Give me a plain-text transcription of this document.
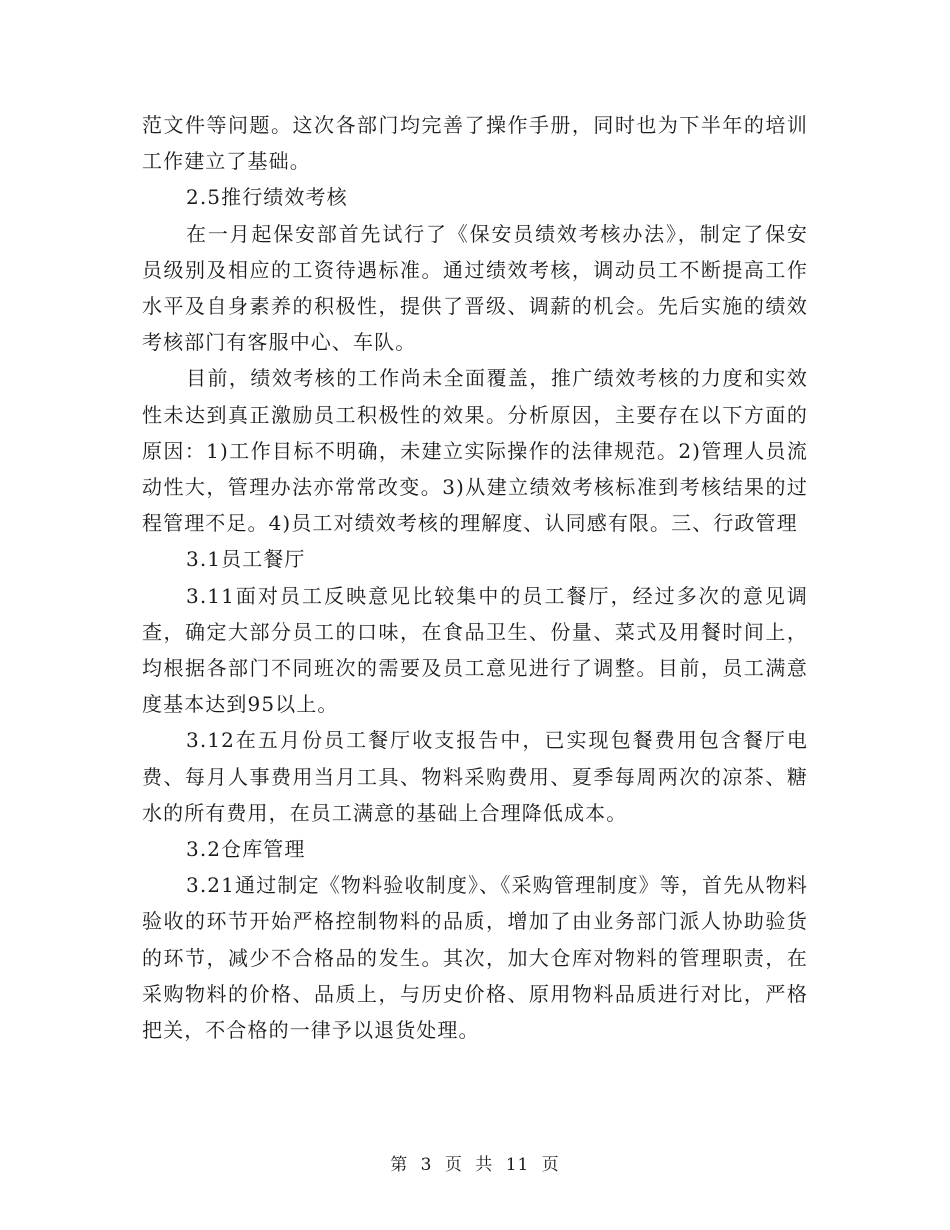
范文件等问题。这次各部门均完善了操作手册，同时也为下半年的培训工作建立了基础。

2.5推行绩效考核

在一月起保安部首先试行了《保安员绩效考核办法》，制定了保安员级别及相应的工资待遇标准。通过绩效考核，调动员工不断提高工作水平及自身素养的积极性，提供了晋级、调薪的机会。先后实施的绩效考核部门有客服中心、车队。

目前，绩效考核的工作尚未全面覆盖，推广绩效考核的力度和实效性未达到真正激励员工积极性的效果。分析原因，主要存在以下方面的原因：1)工作目标不明确，未建立实际操作的法律规范。2)管理人员流动性大，管理办法亦常常改变。3)从建立绩效考核标准到考核结果的过程管理不足。4)员工对绩效考核的理解度、认同感有限。三、行政管理

3.1员工餐厅

3.11面对员工反映意见比较集中的员工餐厅，经过多次的意见调查，确定大部分员工的口味，在食品卫生、份量、菜式及用餐时间上，均根据各部门不同班次的需要及员工意见进行了调整。目前，员工满意度基本达到95以上。

3.12在五月份员工餐厅收支报告中，已实现包餐费用包含餐厅电费、每月人事费用当月工具、物料采购费用、夏季每周两次的凉茶、糖水的所有费用，在员工满意的基础上合理降低成本。

3.2仓库管理

3.21通过制定《物料验收制度》、《采购管理制度》等，首先从物料验收的环节开始严格控制物料的品质，增加了由业务部门派人协助验货的环节，减少不合格品的发生。其次，加大仓库对物料的管理职责，在采购物料的价格、品质上，与历史价格、原用物料品质进行对比，严格把关，不合格的一律予以退货处理。

第 3 页 共 11 页
